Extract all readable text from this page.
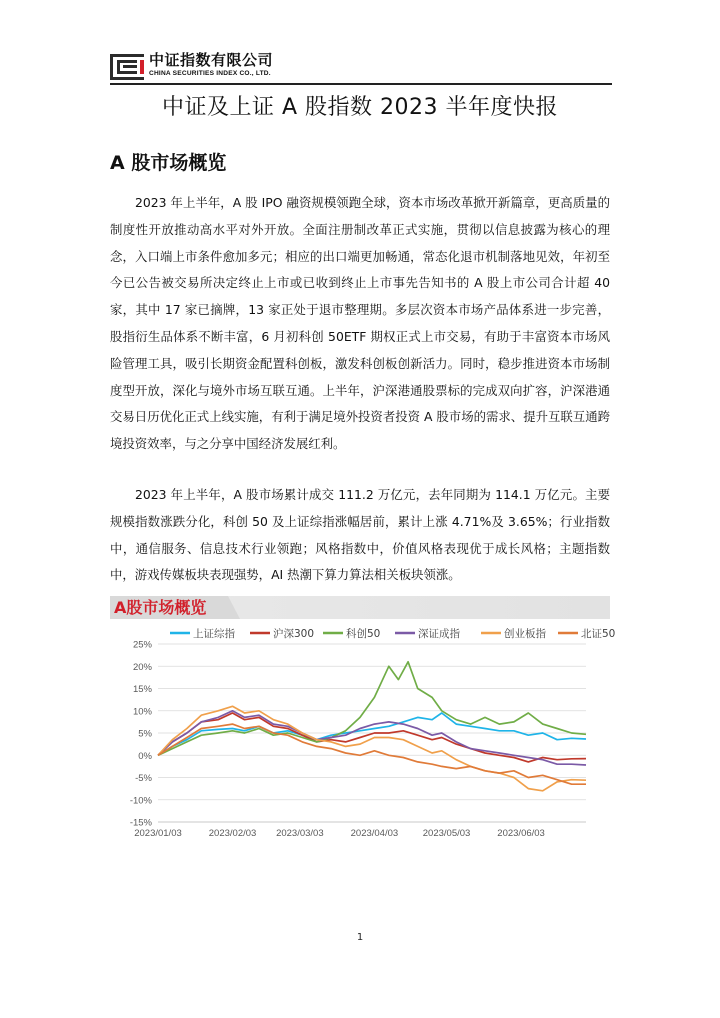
中证指数有限公司
CHINA SECURITIES INDEX CO., LTD.
中证及上证 A 股指数 2023 半年度快报
A 股市场概览
2023 年上半年，A 股 IPO 融资规模领跑全球，资本市场改革掀开新篇章，更高质量的制度性开放推动高水平对外开放。全面注册制改革正式实施，贯彻以信息披露为核心的理念，入口端上市条件愈加多元；相应的出口端更加畅通，常态化退市机制落地见效，年初至今已公告被交易所决定终止上市或已收到终止上市事先告知书的 A 股上市公司合计超 40 家，其中 17 家已摘牌，13 家正处于退市整理期。多层次资本市场产品体系进一步完善，股指衍生品体系不断丰富，6 月初科创 50ETF 期权正式上市交易，有助于丰富资本市场风险管理工具，吸引长期资金配置科创板，激发科创板创新活力。同时，稳步推进资本市场制度型开放，深化与境外市场互联互通。上半年，沪深港通股票标的完成双向扩容，沪深港通交易日历优化正式上线实施，有利于满足境外投资者投资 A 股市场的需求、提升互联互通跨境投资效率，与之分享中国经济发展红利。
2023 年上半年，A 股市场累计成交 111.2 万亿元，去年同期为 114.1 万亿元。主要规模指数涨跌分化，科创 50 及上证综指涨幅居前，累计上涨 4.71%及 3.65%；行业指数中，通信服务、信息技术行业领跑；风格指数中，价值风格表现优于成长风格；主题指数中，游戏传媒板块表现强势，AI 热潮下算力算法相关板块领涨。
A股市场概览
-15%
-10%
-5%
0%
5%
10%
15%
20%
25%
2023/01/03	2023/02/03 2023/03/03	2023/04/03	2023/05/03	2023/06/03
上证综指	沪深300	科创50	深证成指	创业板指	北证50
1
